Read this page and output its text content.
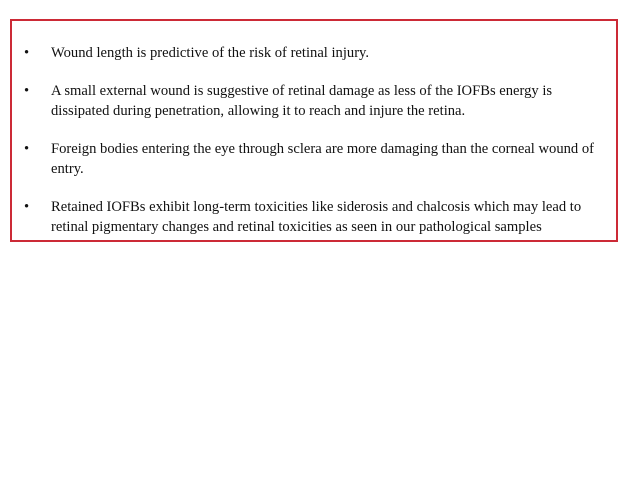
•	Wound length is predictive of the risk of retinal injury.
•	A small external wound is suggestive of retinal damage as less of the IOFBs energy is dissipated during penetration, allowing it to reach and injure the retina.
•	Foreign bodies entering the eye through sclera are more damaging than the corneal wound of entry.
•	Retained IOFBs exhibit long-term toxicities like siderosis and chalcosis which may lead to retinal pigmentary changes and retinal toxicities as seen in our pathological samples
